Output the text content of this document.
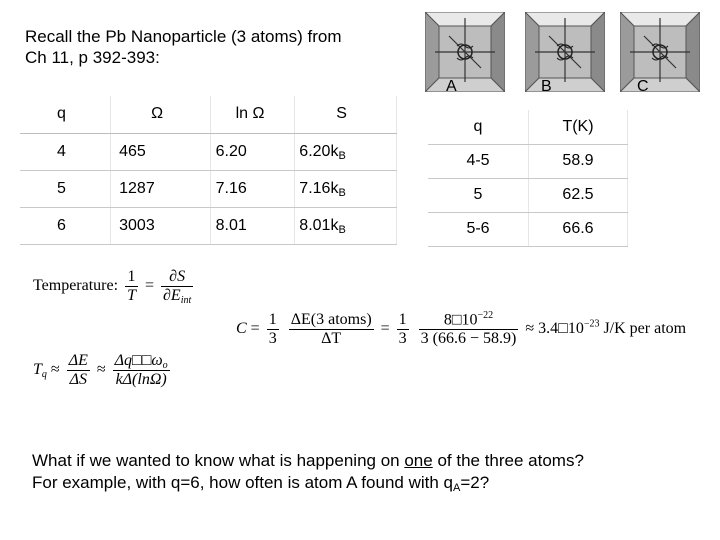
Recall the Pb Nanoparticle (3 atoms) from
Ch 11, p 392-393:
A	B	C
q	Ω	ln Ω	S
4	465	6.20	$6.20k_B$
5	1287	7.16	$7.16k_B$
6	3003	8.01	$8.01k_B$
q	T(K)
4-5	58.9
5	62.5
5-6	66.6
Temperature: $\frac{1}{T} = \frac{\partial S}{\partial E_{int}}$
$C = \frac{1}{3}$
$\frac{\text{ΔE(3 atoms)}}{\Delta T} = \frac{1}{3}$
$\frac{8□10^{-22}}{3 (66.6 - 58.9)}$ ≈ $3.4□10^{-23}$ J/K per atom
$T_q \approx \frac{\Delta E}{\Delta S} \approx \frac{\Delta q□□\omega_o}{k\Delta(\ln\Omega)}$
What if we wanted to know what is happening on one of the three atoms?
For example, with q=6, how often is atom A found with $q_A=2$?
